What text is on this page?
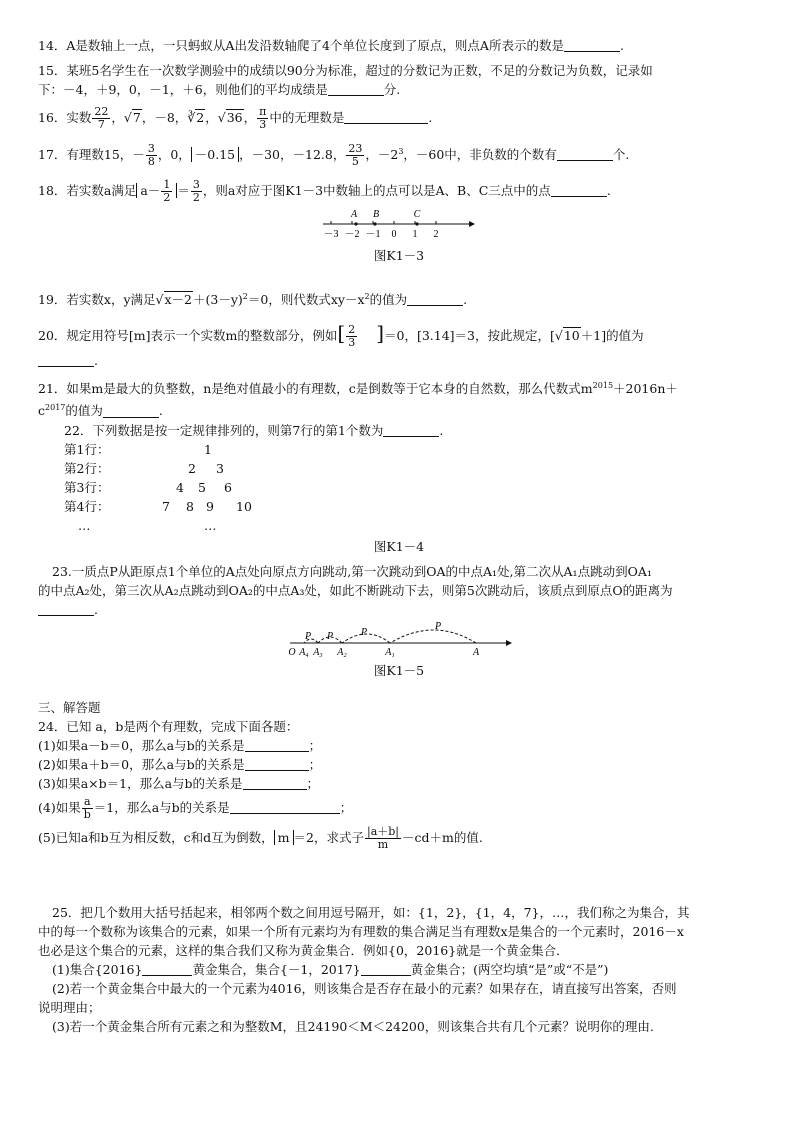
14．A是数轴上一点，一只蚂蚁从A出发沿数轴爬了4个单位长度到了原点，则点A所表示的数是	.

15．某班5名学生在一次数学测验中的成绩以90分为标准，超过的分数记为正数，不足的分数记为负数，记录如

下：－4，＋9，0，－1，＋6，则他们的平均成绩是	分.

16．实数 $\frac{22}{7}$ ，√7，－8，∛2，√36， $\frac{\pi}{3}$ 中的无理数是	.

17．有理数15，－ $\frac{3}{8}$ ，0， －0.15 ，－30，－12.8， $\frac{23}{5}$ ，$-2^3$，－60中，非负数的个数有	个.

18．若实数a满足 $a- \frac{1}{2} = \frac{3}{2}$ ，则a对应于图K1－3中数轴上的点可以是A、B、C三点中的点	.

－3 －2 －1 0 1 2
A B	C

图K1－3

19．若实数x，y满足$√x-2+(3-y)^2=0$，则代数式$xy-x^2$的值为	.

20．规定用符号[m]表示一个实数m的整数部分，例如[ $\frac{2}{3} ]=0$，[3.14]＝3，按此规定，[√10＋1]的值为

.

21．如果m是最大的负整数，n是绝对值最小的有理数，c是倒数等于它本身的自然数，那么代数式$m^{2015}+2016n+$

$c^{2017}$的值为	.

22．下列数据是按一定规律排列的，则第7行的第1个数为	.

第1行：	1
第2行：	2 3
第3行：	4 5 6
第4行：	7 8 9 10
…	…

图K1－4

23.一质点P从距原点1个单位的A点处向原点方向跳动,第一次跳动到OA的中点A₁处,第二次从A₁点跳动到OA₁

的中点A₂处，第三次从A₂点跳动到OA₂的中点A₃处，如此不断跳动下去，则第5次跳动后，该质点到原点O的距离为

.

P
P
P
P
O A₄ A₃ A₂	A₁	A

图K1－5

三、解答题

24．已知 a，b是两个有理数，完成下面各题：

(1)如果a－b＝0，那么a与b的关系是	；

(2)如果a＋b＝0，那么a与b的关系是	；

(3)如果a×b＝1，那么a与b的关系是	；

(4)如果 $\frac{a}{b} =1$，那么a与b的关系是	；

(5)已知a和b互为相反数，c和d互为倒数， m ＝2，求式子 $\frac{|a+b|}{m} -cd+m$的值.

25．把几个数用大括号括起来，相邻两个数之间用逗号隔开，如：{1，2}，{1，4，7}，…，我们称之为集合，其

中的每一个数称为该集合的元素，如果一个所有元素均为有理数的集合满足当有理数x是集合的一个元素时，2016－x

也必是这个集合的元素，这样的集合我们又称为黄金集合．例如{0，2016}就是一个黄金集合．

(1)集合{2016}	黄金集合，集合{－1，2017}	黄金集合；(两空均填“是”或“不是”)

(2)若一个黄金集合中最大的一个元素为4016，则该集合是否存在最小的元素？如果存在，请直接写出答案，否则

说明理由；

(3)若一个黄金集合所有元素之和为整数M，且24190＜M＜24200，则该集合共有几个元素？说明你的理由.
